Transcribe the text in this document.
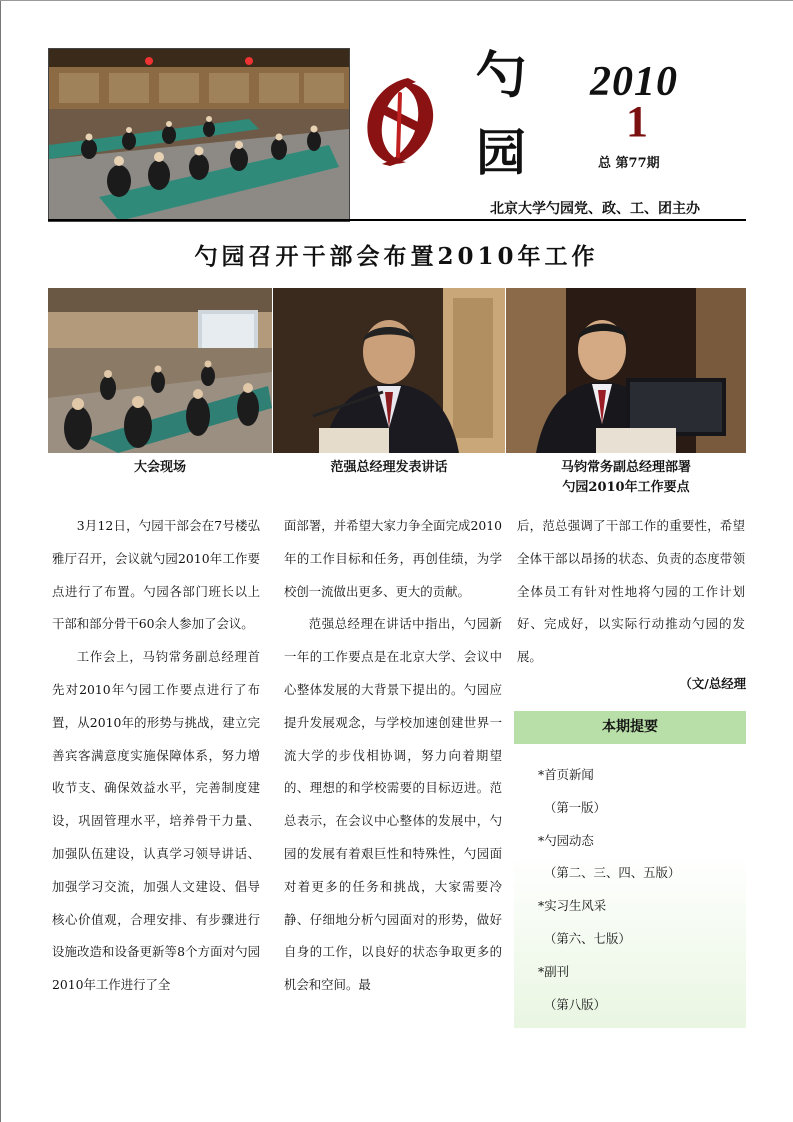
勺
园
2010
1
总 第77期
北京大学勺园党、政、工、团主办
勺园召开干部会布置2010年工作
大会现场	范强总经理发表讲话	马钧常务副总经理部署
勺园2010年工作要点

3月12日，勺园干部会在7号楼弘雅厅召开，会议就勺园2010年工作要点进行了布置。勺园各部门班长以上干部和部分骨干60余人参加了会议。

工作会上，马钧常务副总经理首先对2010年勺园工作要点进行了布置，从2010年的形势与挑战，建立完善宾客满意度实施保障体系，努力增收节支、确保效益水平，完善制度建设，巩固管理水平，培养骨干力量、加强队伍建设，认真学习领导讲话、加强学习交流，加强人文建设、倡导核心价值观，合理安排、有步骤进行设施改造和设备更新等8个方面对勺园2010年工作进行了全

面部署，并希望大家力争全面完成2010年的工作目标和任务，再创佳绩，为学校创一流做出更多、更大的贡献。

范强总经理在讲话中指出，勺园新一年的工作要点是在北京大学、会议中心整体发展的大背景下提出的。勺园应提升发展观念，与学校加速创建世界一流大学的步伐相协调，努力向着期望的、理想的和学校需要的目标迈进。范总表示，在会议中心整体的发展中，勺园的发展有着艰巨性和特殊性，勺园面对着更多的任务和挑战，大家需要冷静、仔细地分析勺园面对的形势，做好自身的工作，以良好的状态争取更多的机会和空间。最

后，范总强调了干部工作的重要性，希望全体干部以昂扬的状态、负责的态度带领全体员工有针对性地将勺园的工作计划好、完成好，以实际行动推动勺园的发展。

（文/总经理
本期提要
*首页新闻
（第一版）
*勺园动态
（第二、三、四、五版）
*实习生风采
（第六、七版）
*副刊
（第八版）
